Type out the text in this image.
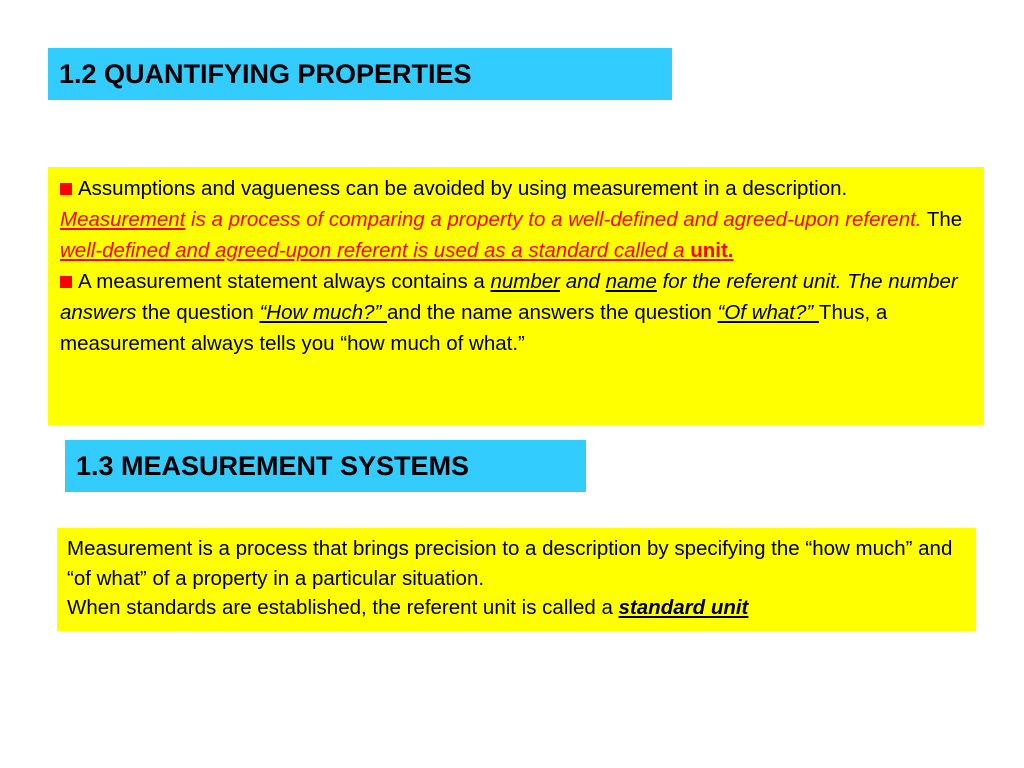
1.2 QUANTIFYING PROPERTIES

Assumptions and vagueness can be avoided by using measurement in a description. Measurement is a process of comparing a property to a well-defined and agreed-upon referent. The well-defined and agreed-upon referent is used as a standard called a unit.

A measurement statement always contains a number and name for the referent unit. The number answers the question “How much?” and the name answers the question “Of what?” Thus, a measurement always tells you “how much of what.”

1.3 MEASUREMENT SYSTEMS

Measurement is a process that brings precision to a description by specifying the “how much” and “of what” of a property in a particular situation.

When standards are established, the referent unit is called a standard unit
